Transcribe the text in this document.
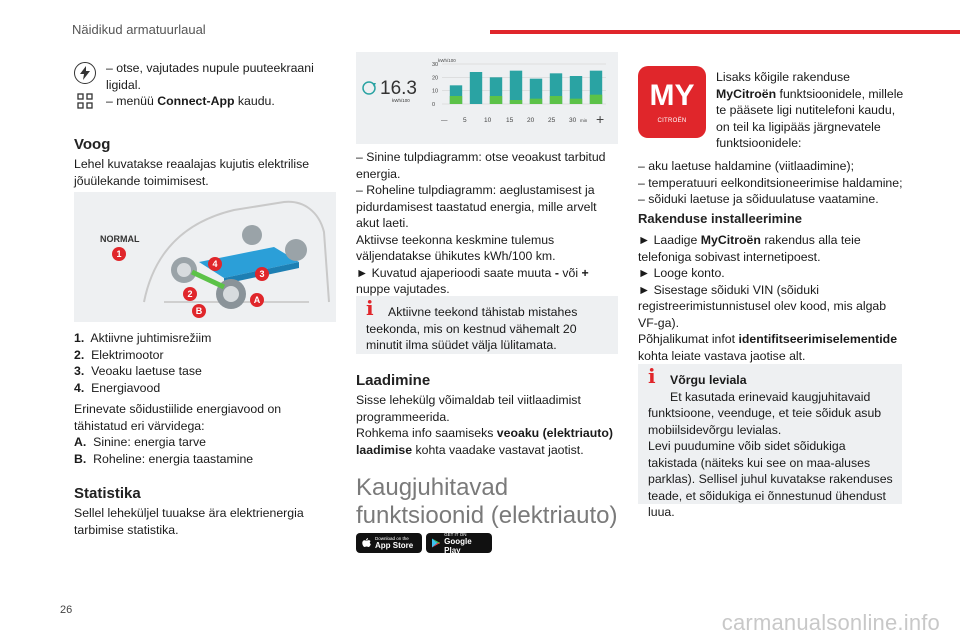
Näidikud armatuurlaual

– otse, vajutades nupule puuteekraani ligidal.

– menüü Connect-App kaudu.

Voog

Lehel kuvatakse reaalajas kujutis elektrilise jõuülekande toimimisest.

NORMAL
1
2
3
4
A
B

1. Aktiivne juhtimisrežiim

2. Elektrimootor

3. Veoaku laetuse tase

4. Energiavood

Erinevate sõidustiilide energiavood on tähistatud eri värvidega:

A. Sinine: energia tarve

B. Roheline: energia taastamine

Statistika

Sellel leheküljel tuuakse ära elektrienergia tarbimise statistika.

16.3
kWh/100
kWh/100
30
20
10
0
— 5	10 15 20 25 30 min +

– Sinine tulpdiagramm: otse veoakust tarbitud energia.

– Roheline tulpdiagramm: aeglustamisest ja pidurdamisest taastatud energia, mille arvelt akut laeti.

Aktiivse teekonna keskmine tulemus väljendatakse ühikutes kWh/100 km.

► Kuvatud ajaperioodi saate muuta - või + nuppe vajutades.

i	Aktiivne teekond tähistab mistahes teekonda, mis on kestnud vähemalt 20 minutit ilma süüdet välja lülitamata.

Laadimine

Sisse lehekülg võimaldab teil viitlaadimist programmeerida.

Rohkema info saamiseks veoaku (elektriauto) laadimise kohta vaadake vastavat jaotist.

Kaugjuhitavad
funktsioonid (elektriauto)
Download on the
App Store
GET IT ON
Google Play
MY
CITROËN

Lisaks kõigile rakenduse
MyCitroën funktsioonidele, millele te pääsete ligi nutitelefoni kaudu, on teil ka ligipääs järgnevatele funktsioonidele:

– aku laetuse haldamine (viitlaadimine);

– temperatuuri eelkonditsioneerimise haldamine;

– sõiduki laetuse ja sõiduulatuse vaatamine.

Rakenduse installeerimine

► Laadige MyCitroën rakendus alla teie telefoniga sobivast internetipoest.

► Looge konto.

► Sisestage sõiduki VIN (sõiduki registreerimistunnistusel olev kood, mis algab VF-ga).

Põhjalikumat infot identifitseerimiselementide kohta leiate vastava jaotise alt.

i	Võrgu leviala

Et kasutada erinevaid kaugjuhitavaid funktsioone, veenduge, et teie sõiduk asub mobiilsidevõrgu levialas.

Levi puudumine võib sidet sõidukiga takistada (näiteks kui see on maa-aluses parklas). Sellisel juhul kuvatakse rakenduses teade, et sõidukiga ei õnnestunud ühendust luua.

26	carmanualsonline.info
